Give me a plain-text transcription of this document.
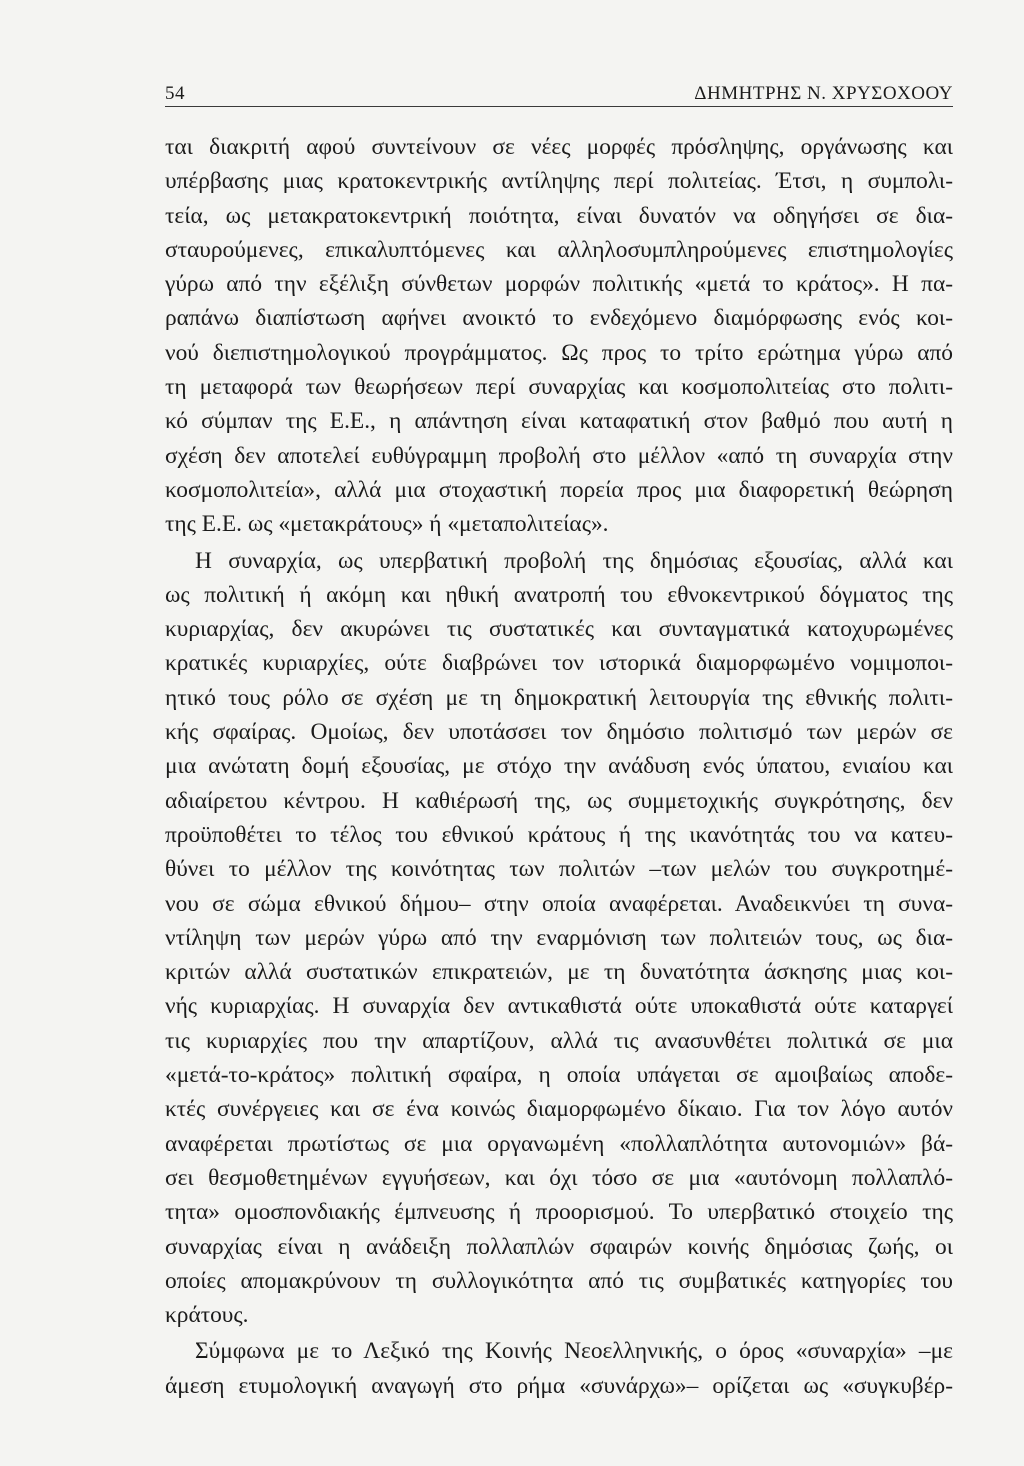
54	ΔΗΜΗΤΡΗΣ Ν. ΧΡΥΣΟΧΟΟΥ
ται διακριτή αφού συντείνουν σε νέες μορφές πρόσληψης, οργάνωσης και
υπέρβασης μιας κρατοκεντρικής αντίληψης περί πολιτείας. Έτσι, η συμπολι-
τεία, ως μετακρατοκεντρική ποιότητα, είναι δυνατόν να οδηγήσει σε δια-
σταυρούμενες, επικαλυπτόμενες και αλληλοσυμπληρούμενες επιστημολογίες
γύρω από την εξέλιξη σύνθετων μορφών πολιτικής «μετά το κράτος». Η πα-
ραπάνω διαπίστωση αφήνει ανοικτό το ενδεχόμενο διαμόρφωσης ενός κοι-
νού διεπιστημολογικού προγράμματος. Ως προς το τρίτο ερώτημα γύρω από
τη μεταφορά των θεωρήσεων περί συναρχίας και κοσμοπολιτείας στο πολιτι-
κό σύμπαν της Ε.Ε., η απάντηση είναι καταφατική στον βαθμό που αυτή η
σχέση δεν αποτελεί ευθύγραμμη προβολή στο μέλλον «από τη συναρχία στην
κοσμοπολιτεία», αλλά μια στοχαστική πορεία προς μια διαφορετική θεώρηση
της Ε.Ε. ως «μετακράτους» ή «μεταπολιτείας».
Η συναρχία, ως υπερβατική προβολή της δημόσιας εξουσίας, αλλά και
ως πολιτική ή ακόμη και ηθική ανατροπή του εθνοκεντρικού δόγματος της
κυριαρχίας, δεν ακυρώνει τις συστατικές και συνταγματικά κατοχυρωμένες
κρατικές κυριαρχίες, ούτε διαβρώνει τον ιστορικά διαμορφωμένο νομιμοποι-
ητικό τους ρόλο σε σχέση με τη δημοκρατική λειτουργία της εθνικής πολιτι-
κής σφαίρας. Ομοίως, δεν υποτάσσει τον δημόσιο πολιτισμό των μερών σε
μια ανώτατη δομή εξουσίας, με στόχο την ανάδυση ενός ύπατου, ενιαίου και
αδιαίρετου κέντρου. Η καθιέρωσή της, ως συμμετοχικής συγκρότησης, δεν
προϋποθέτει το τέλος του εθνικού κράτους ή της ικανότητάς του να κατευ-
θύνει το μέλλον της κοινότητας των πολιτών –των μελών του συγκροτημέ-
νου σε σώμα εθνικού δήμου– στην οποία αναφέρεται. Αναδεικνύει τη συνα-
ντίληψη των μερών γύρω από την εναρμόνιση των πολιτειών τους, ως δια-
κριτών αλλά συστατικών επικρατειών, με τη δυνατότητα άσκησης μιας κοι-
νής κυριαρχίας. Η συναρχία δεν αντικαθιστά ούτε υποκαθιστά ούτε καταργεί
τις κυριαρχίες που την απαρτίζουν, αλλά τις ανασυνθέτει πολιτικά σε μια
«μετά-το-κράτος» πολιτική σφαίρα, η οποία υπάγεται σε αμοιβαίως αποδε-
κτές συνέργειες και σε ένα κοινώς διαμορφωμένο δίκαιο. Για τον λόγο αυτόν
αναφέρεται πρωτίστως σε μια οργανωμένη «πολλαπλότητα αυτονομιών» βά-
σει θεσμοθετημένων εγγυήσεων, και όχι τόσο σε μια «αυτόνομη πολλαπλό-
τητα» ομοσπονδιακής έμπνευσης ή προορισμού. Το υπερβατικό στοιχείο της
συναρχίας είναι η ανάδειξη πολλαπλών σφαιρών κοινής δημόσιας ζωής, οι
οποίες απομακρύνουν τη συλλογικότητα από τις συμβατικές κατηγορίες του
κράτους.
Σύμφωνα με το Λεξικό της Κοινής Νεοελληνικής, ο όρος «συναρχία» –με
άμεση ετυμολογική αναγωγή στο ρήμα «συνάρχω»– ορίζεται ως «συγκυβέρ-
